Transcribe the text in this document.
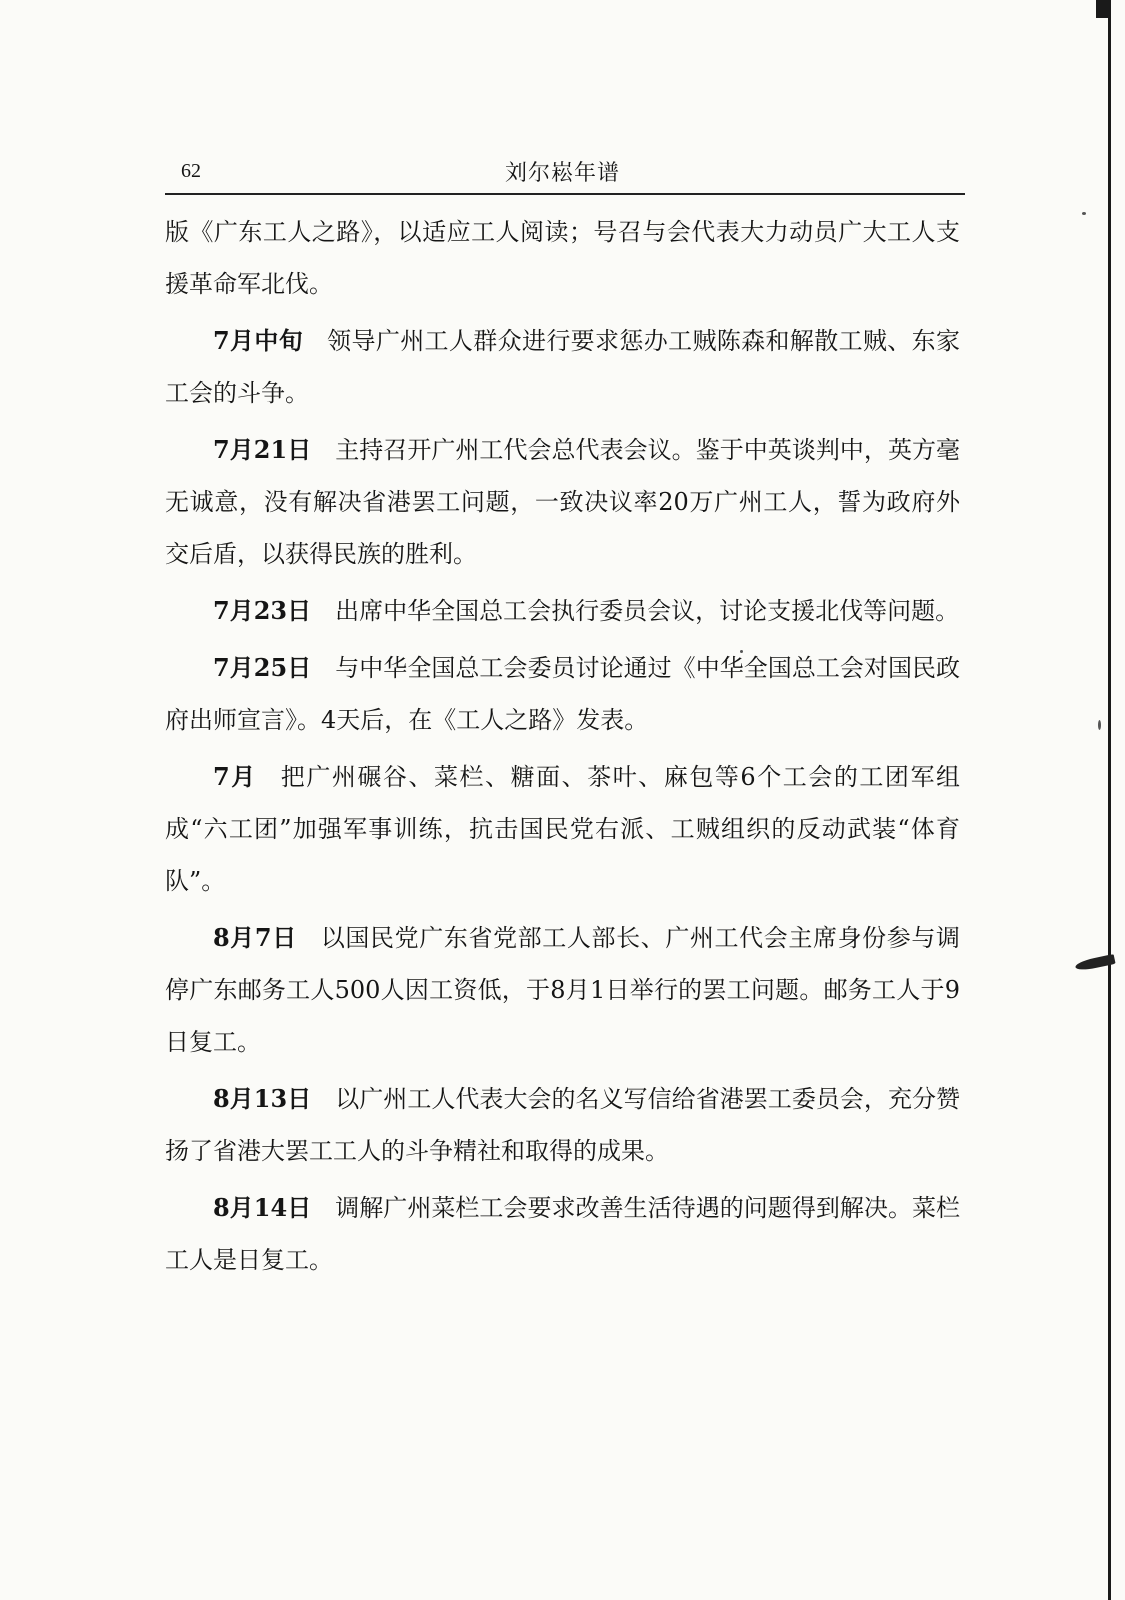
62	刘尔崧年谱

版《广东工人之路》，以适应工人阅读；号召与会代表大力动员广大工人支援革命军北伐。

7月中旬 领导广州工人群众进行要求惩办工贼陈森和解散工贼、东家工会的斗争。

7月21日 主持召开广州工代会总代表会议。鉴于中英谈判中，英方毫无诚意，没有解决省港罢工问题，一致决议率20万广州工人，誓为政府外交后盾，以获得民族的胜利。

7月23日 出席中华全国总工会执行委员会议，讨论支援北伐等问题。

7月25日 与中华全国总工会委员讨论通过《中华全国总工会对国民政府出师宣言》。4天后，在《工人之路》发表。

7月 把广州碾谷、菜栏、糖面、茶叶、麻包等6个工会的工团军组成“六工团”加强军事训练，抗击国民党右派、工贼组织的反动武装“体育队”。

8月7日 以国民党广东省党部工人部长、广州工代会主席身份参与调停广东邮务工人500人因工资低，于8月1日举行的罢工问题。邮务工人于9日复工。

8月13日 以广州工人代表大会的名义写信给省港罢工委员会，充分赞扬了省港大罢工工人的斗争精社和取得的成果。

8月14日 调解广州菜栏工会要求改善生活待遇的问题得到解决。菜栏工人是日复工。
